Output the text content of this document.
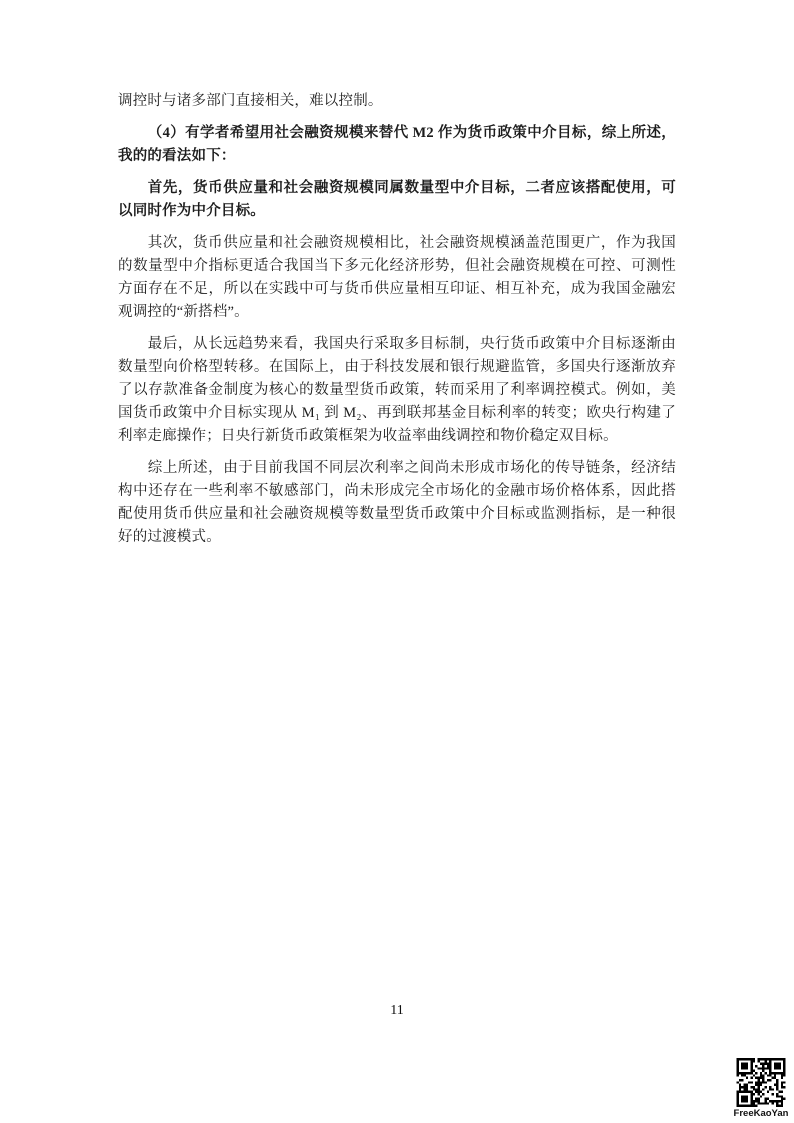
调控时与诸多部门直接相关，难以控制。

（4）有学者希望用社会融资规模来替代 M2 作为货币政策中介目标，综上所述，我的的看法如下：

首先，货币供应量和社会融资规模同属数量型中介目标，二者应该搭配使用，可以同时作为中介目标。

其次，货币供应量和社会融资规模相比，社会融资规模涵盖范围更广，作为我国的数量型中介指标更适合我国当下多元化经济形势，但社会融资规模在可控、可测性方面存在不足，所以在实践中可与货币供应量相互印证、相互补充，成为我国金融宏观调控的“新搭档”。

最后，从长远趋势来看，我国央行采取多目标制，央行货币政策中介目标逐渐由数量型向价格型转移。在国际上，由于科技发展和银行规避监管，多国央行逐渐放弃了以存款准备金制度为核心的数量型货币政策，转而采用了利率调控模式。例如，美国货币政策中介目标实现从 M₁ 到 M₂、再到联邦基金目标利率的转变；欧央行构建了利率走廊操作；日央行新货币政策框架为收益率曲线调控和物价稳定双目标。

综上所述，由于目前我国不同层次利率之间尚未形成市场化的传导链条，经济结构中还存在一些利率不敏感部门，尚未形成完全市场化的金融市场价格体系，因此搭配使用货币供应量和社会融资规模等数量型货币政策中介目标或监测指标，是一种很好的过渡模式。

11
FreeKaoYan
